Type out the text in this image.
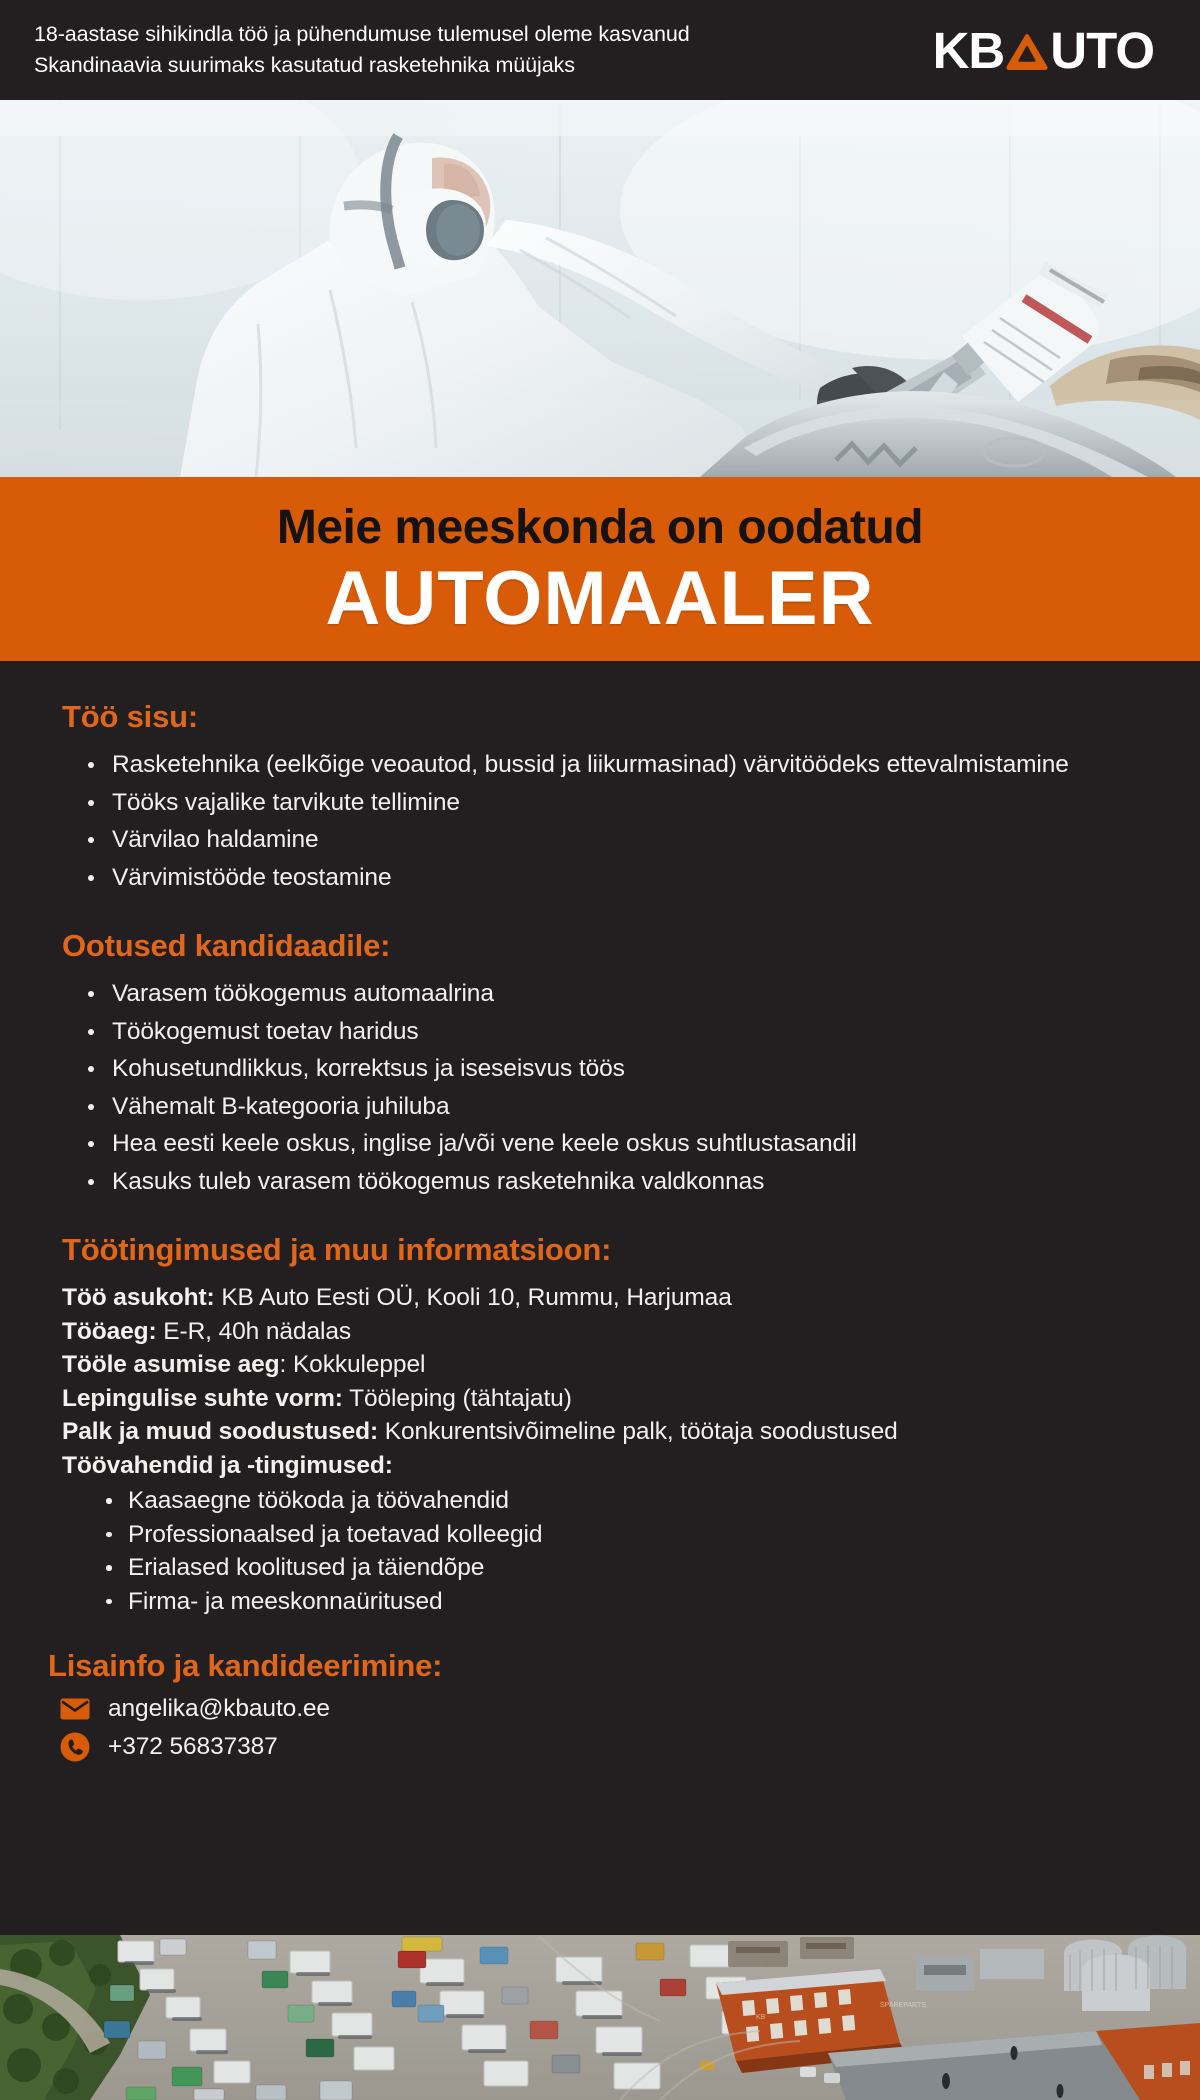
18-aastase sihikindla töö ja pühendumuse tulemusel oleme kasvanud
Skandinaavia suurimaks kasutatud rasketehnika müüjaks	KB UTO
Meie meeskonda on oodatud
AUTOMAALER
Töö sisu:
Rasketehnika (eelkõige veoautod, bussid ja liikurmasinad) värvitöödeks ettevalmistamine
Tööks vajalike tarvikute tellimine
Värvilao haldamine
Värvimistööde teostamine
Ootused kandidaadile:
Varasem töökogemus automaalrina
Töökogemust toetav haridus
Kohusetundlikkus, korrektsus ja iseseisvus töös
Vähemalt B-kategooria juhiluba
Hea eesti keele oskus, inglise ja/või vene keele oskus suhtlustasandil
Kasuks tuleb varasem töökogemus rasketehnika valdkonnas
Töötingimused ja muu informatsioon:
Töö asukoht: KB Auto Eesti OÜ, Kooli 10, Rummu, Harjumaa
Tööaeg: E-R, 40h nädalas
Tööle asumise aeg: Kokkuleppel
Lepingulise suhte vorm: Tööleping (tähtajatu)
Palk ja muud soodustused: Konkurentsivõimeline palk, töötaja soodustused
Töövahendid ja -tingimused:
Kaasaegne töökoda ja töövahendid
Professionaalsed ja toetavad kolleegid
Erialased koolitused ja täiendõpe
Firma- ja meeskonnaüritused
Lisainfo ja kandideerimine:
angelika@kbauto.ee
+372 56837387
KB
SPAREPARTS
